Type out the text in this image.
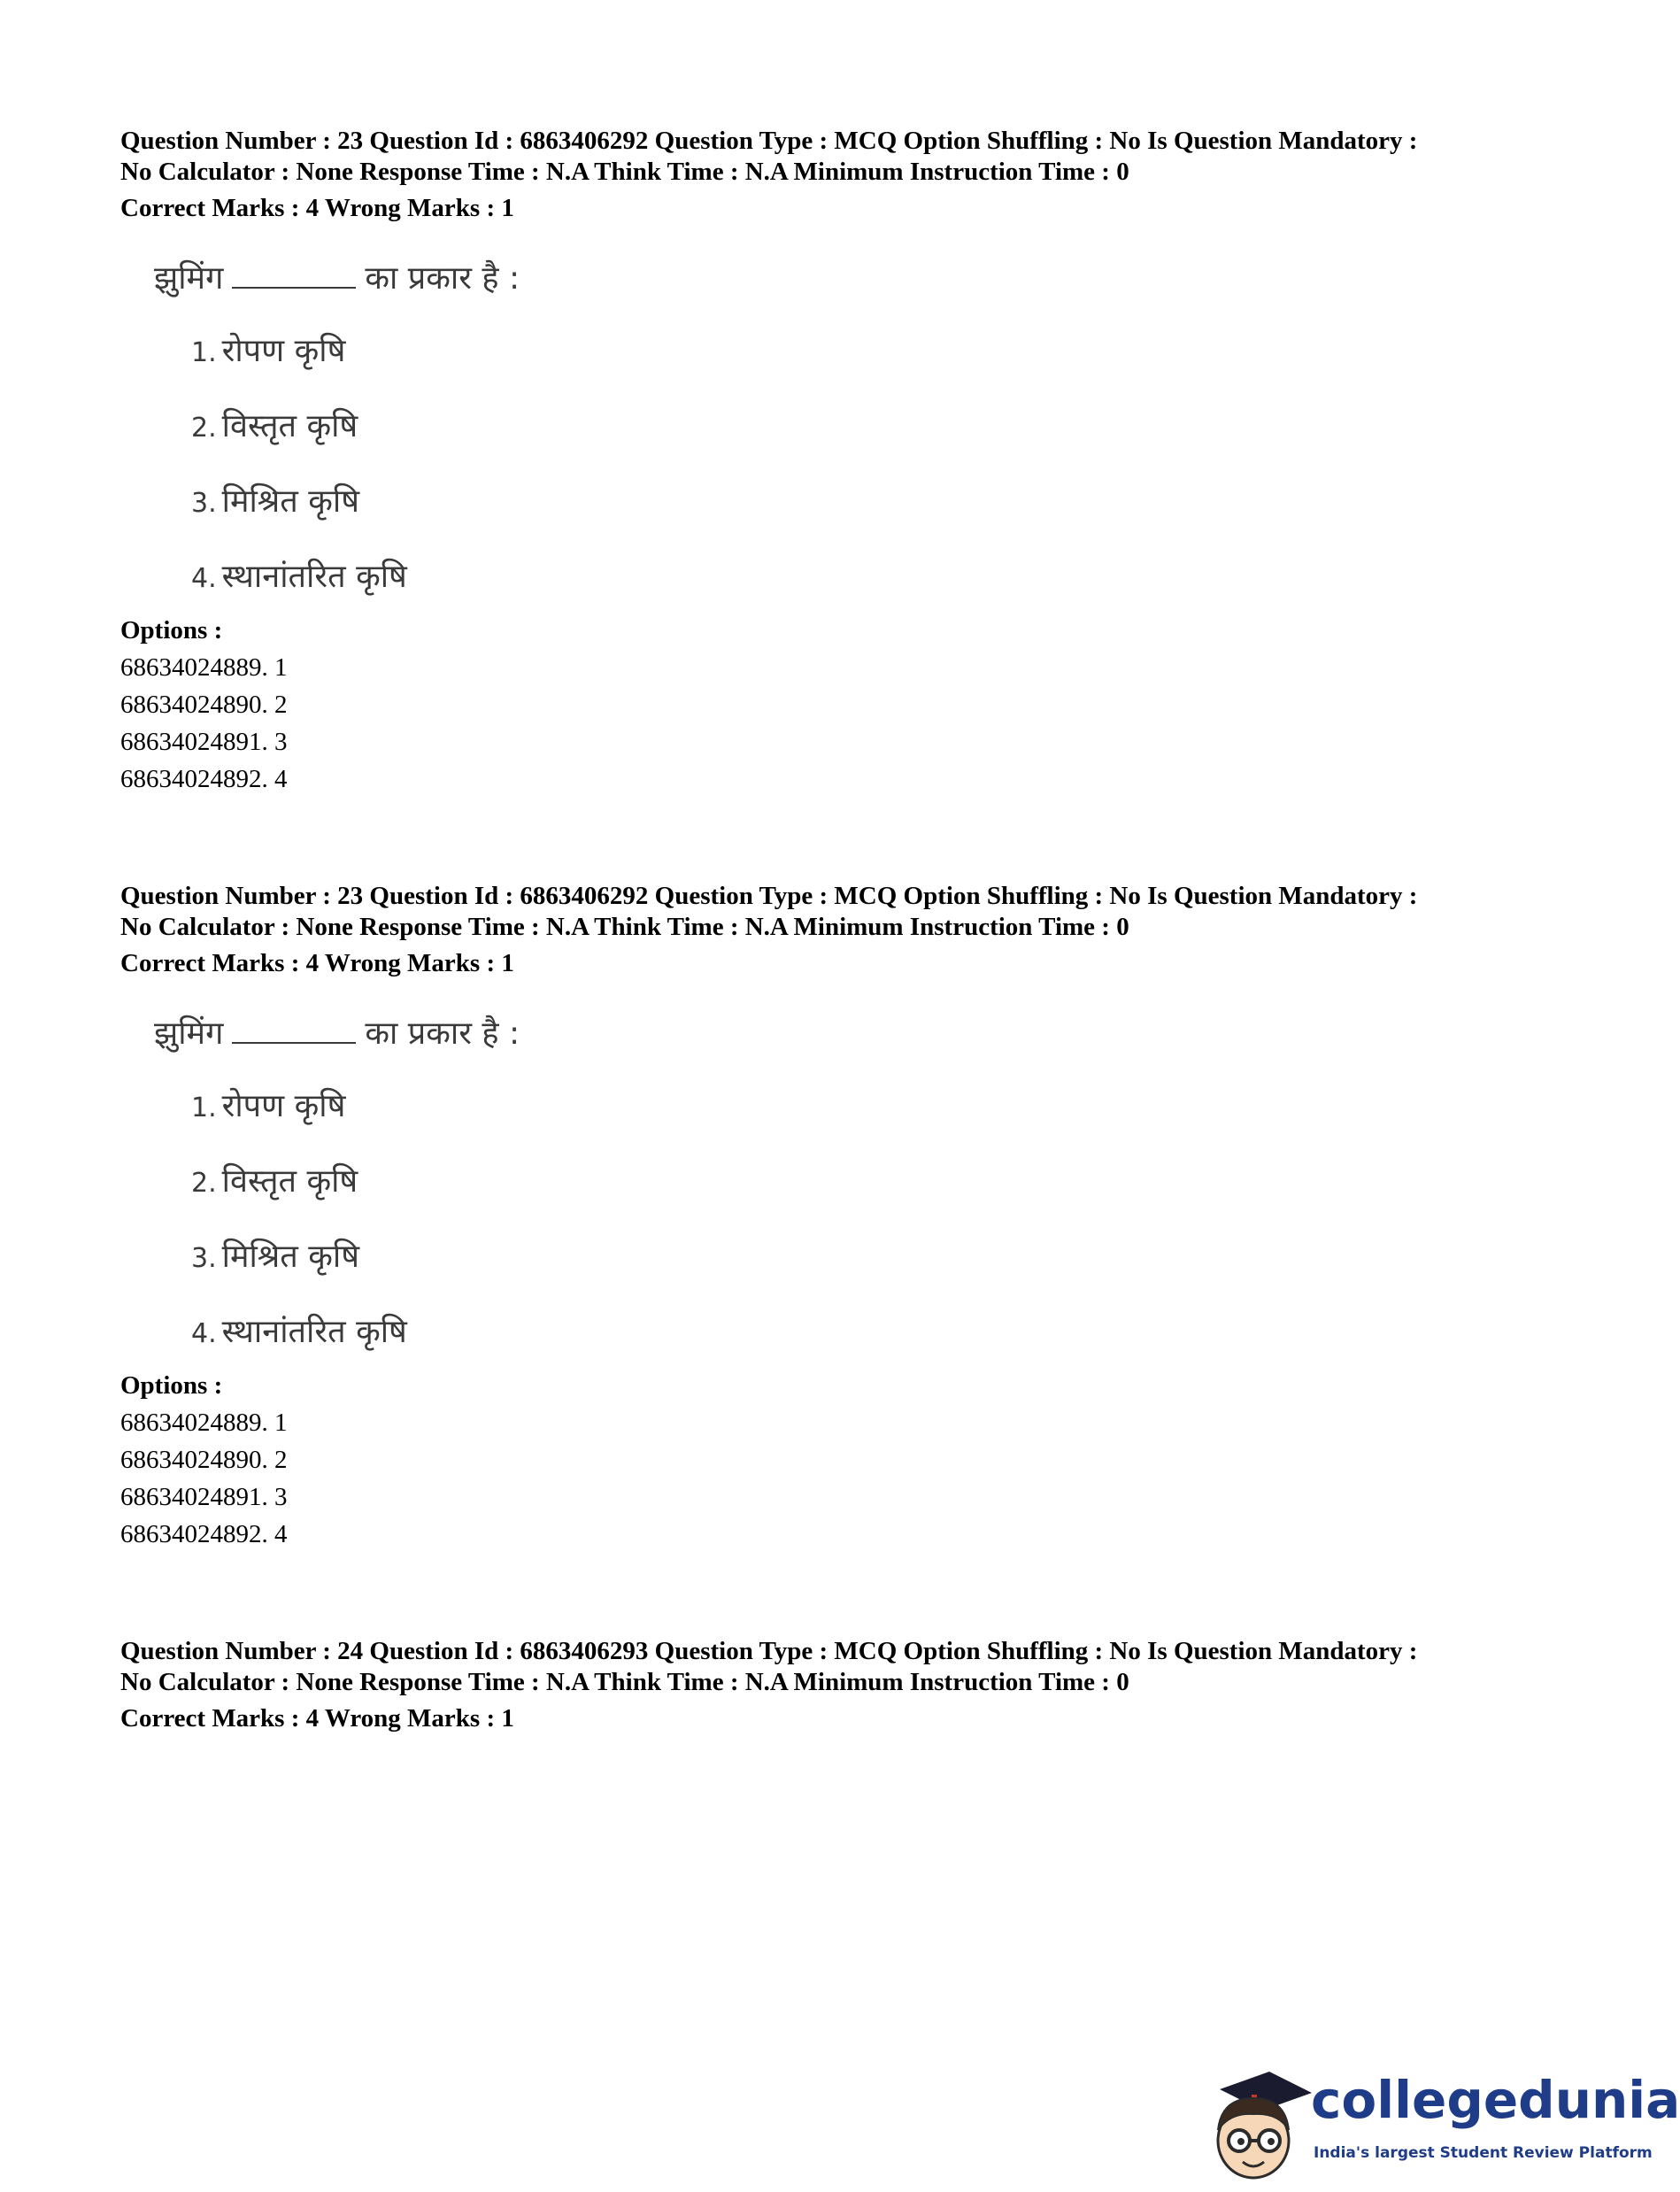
Question Number : 23 Question Id : 6863406292 Question Type : MCQ Option Shuffling : No Is Question Mandatory :
No Calculator : None Response Time : N.A Think Time : N.A Minimum Instruction Time : 0
Correct Marks : 4 Wrong Marks : 1
झुमिंग	का प्रकार है :
1. रोपण कृषि
2. विस्तृत कृषि
3. मिश्रित कृषि
4. स्थानांतरित कृषि
Options :
68634024889. 1
68634024890. 2
68634024891. 3
68634024892. 4
Question Number : 23 Question Id : 6863406292 Question Type : MCQ Option Shuffling : No Is Question Mandatory :
No Calculator : None Response Time : N.A Think Time : N.A Minimum Instruction Time : 0
Correct Marks : 4 Wrong Marks : 1
झुमिंग	का प्रकार है :
1. रोपण कृषि
2. विस्तृत कृषि
3. मिश्रित कृषि
4. स्थानांतरित कृषि
Options :
68634024889. 1
68634024890. 2
68634024891. 3
68634024892. 4
Question Number : 24 Question Id : 6863406293 Question Type : MCQ Option Shuffling : No Is Question Mandatory :
No Calculator : None Response Time : N.A Think Time : N.A Minimum Instruction Time : 0
Correct Marks : 4 Wrong Marks : 1
collegedunia
India's largest Student Review Platform
